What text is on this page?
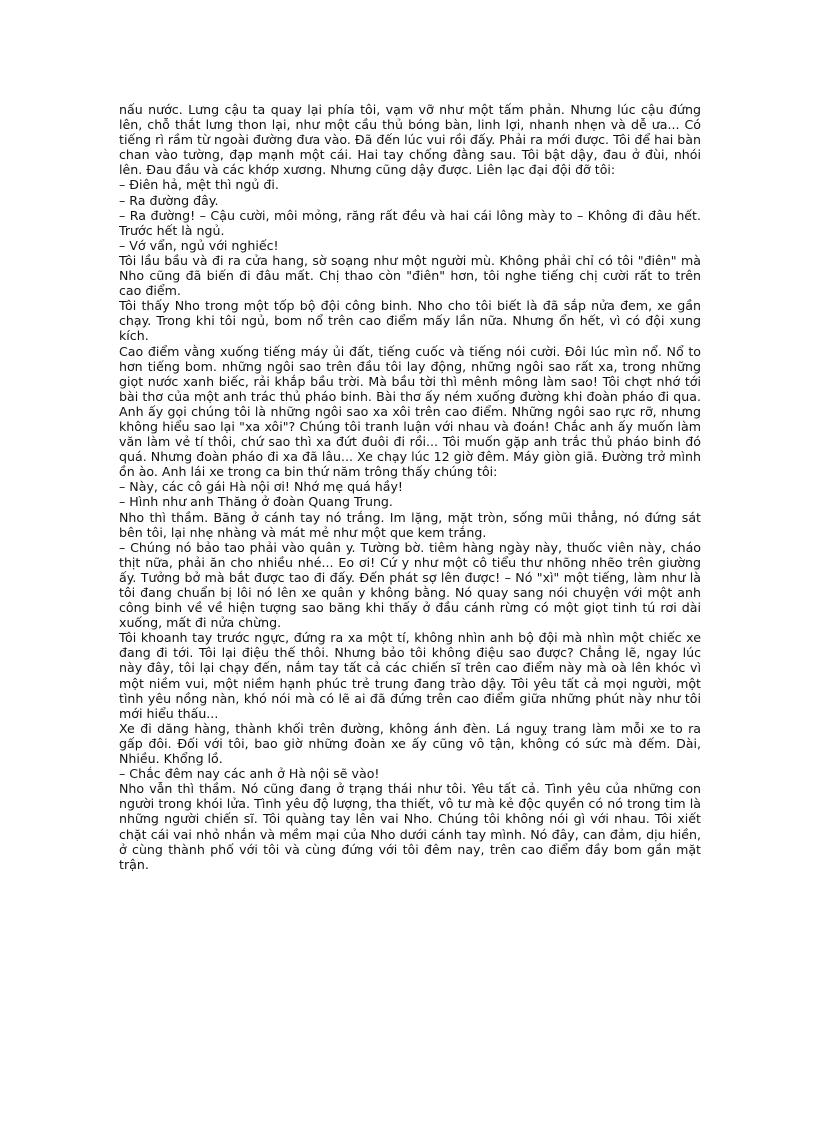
nấu nước. Lưng cậu ta quay lại phía tôi, vạm vỡ như một tấm phản. Nhưng lúc cậu đứng lên, chỗ thắt lưng thon lại, như một cầu thủ bóng bàn, linh lợi, nhanh nhẹn và dễ ưa... Có tiếng rì rầm từ ngoài đường đưa vào. Đã đến lúc vui rồi đấy. Phải ra mới được. Tôi để hai bàn chan vào tường, đạp mạnh một cái. Hai tay chống đằng sau. Tôi bật dậy, đau ở đùi, nhói lên. Đau đầu và các khớp xương. Nhưng cũng dậy được. Liên lạc đại đội đỡ tôi:

– Điên hả, mệt thì ngủ đi.

– Ra đường đây.

– Ra đường! – Cậu cười, môi mỏng, răng rất đều và hai cái lông mày to – Không đi đâu hết. Trước hết là ngủ.

– Vớ vẩn, ngủ với nghiếc!

Tôi lầu bầu và đi ra cửa hang, sờ soạng như một người mù. Không phải chỉ có tôi "điên" mà Nho cũng đã biến đi đâu mất. Chị thao còn "điên" hơn, tôi nghe tiếng chị cười rất to trên cao điểm.

Tôi thấy Nho trong một tốp bộ đội công binh. Nho cho tôi biết là đã sắp nửa đem, xe gần chạy. Trong khi tôi ngủ, bom nổ trên cao điểm mấy lần nữa. Nhưng ổn hết, vì có đội xung kích.

Cao điểm vằng xuống tiếng máy ủi đất, tiếng cuốc và tiếng nói cười. Đôi lúc mìn nổ. Nổ to hơn tiếng bom. những ngôi sao trên đầu tôi lay động, những ngôi sao rất xa, trong những giọt nước xanh biếc, rải khắp bầu trời. Mà bầu tời thì mênh mông làm sao! Tôi chợt nhớ tới bài thơ của một anh trác thủ pháo binh. Bài thơ ấy ném xuống đường khi đoàn pháo đi qua. Anh ấy gọi chúng tôi là những ngôi sao xa xôi trên cao điểm. Những ngôi sao rực rỡ, nhưng không hiểu sao lại "xa xôi"? Chúng tôi tranh luận với nhau và đoán! Chắc anh ấy muốn làm văn làm vẻ tí thôi, chứ sao thì xa đứt đuôi đi rồi... Tôi muốn gặp anh trắc thủ pháo binh đó quá. Nhưng đoàn pháo đi xa đã lâu... Xe chạy lúc 12 giờ đêm. Máy giòn giã. Đường trở mình ồn ào. Anh lái xe trong ca bin thứ năm trông thấy chúng tôi:

– Này, các cô gái Hà nội ơi! Nhớ mẹ quá hầy!

– Hình như anh Thăng ở đoàn Quang Trung.

Nho thì thầm. Băng ở cánh tay nó trắng. Im lặng, mặt tròn, sống mũi thẳng, nó đứng sát bên tôi, lại nhẹ nhàng và mát mẻ như một que kem trắng.

– Chúng nó bảo tao phải vào quân y. Tường bờ. tiêm hàng ngày này, thuốc viên này, cháo thịt nữa, phải ăn cho nhiều nhé... Eo ơi! Cứ y như một cô tiểu thư nhõng nhẽo trên giường ấy. Tưởng bở mà bắt được tao đi đấy. Đến phát sợ lên được! – Nó "xì" một tiếng, làm như là tôi đang chuẩn bị lôi nó lên xe quân y không bằng. Nó quay sang nói chuyện với một anh công binh về về hiện tượng sao băng khi thấy ở đầu cánh rừng có một giọt tinh tú rơi dài xuống, mất đi nửa chừng.

Tôi khoanh tay trước ngực, đứng ra xa một tí, không nhìn anh bộ đội mà nhìn một chiếc xe đang đi tới. Tôi lại điệu thế thôi. Nhưng bảo tôi không điệu sao được? Chẳng lẽ, ngay lúc này đây, tôi lại chạy đến, nắm tay tất cả các chiến sĩ trên cao điểm này mà oà lên khóc vì một niềm vui, một niềm hạnh phúc trẻ trung đang trào dậy. Tôi yêu tất cả mọi người, một tình yêu nồng nàn, khó nói mà có lẽ ai đã đứng trên cao điểm giữa những phút này như tôi mới hiểu thấu...

Xe đi dăng hàng, thành khối trên đường, không ánh đèn. Lá nguỵ trang làm mỗi xe to ra gấp đôi. Đối với tôi, bao giờ những đoàn xe ấy cũng vô tận, không có sức mà đếm. Dài, Nhiều. Khổng lồ.

– Chắc đêm nay các anh ở Hà nội sẽ vào!

Nho vẫn thì thầm. Nó cũng đang ở trạng thái như tôi. Yêu tất cả. Tình yêu của những con người trong khói lửa. Tình yêu độ lượng, tha thiết, vô tư mà kẻ độc quyền có nó trong tim là những người chiến sĩ. Tôi quàng tay lên vai Nho. Chúng tôi không nói gì với nhau. Tôi xiết chặt cái vai nhỏ nhắn và mềm mại của Nho dưới cánh tay mình. Nó đây, can đảm, dịu hiền, ở cùng thành phố với tôi và cùng đứng với tôi đêm nay, trên cao điểm đầy bom gần mặt trận.
